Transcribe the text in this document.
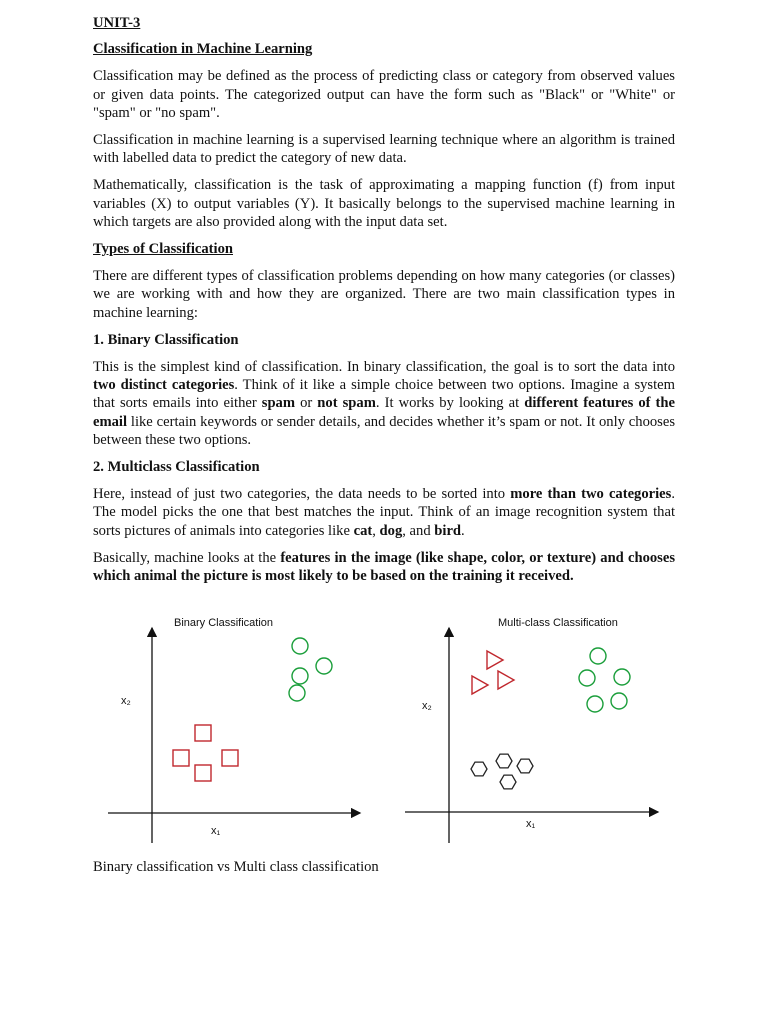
UNIT-3
Classification in Machine Learning

Classification may be defined as the process of predicting class or category from observed values or given data points. The categorized output can have the form such as "Black" or "White" or "spam" or "no spam".

Classification in machine learning is a supervised learning technique where an algorithm is trained with labelled data to predict the category of new data.

Mathematically, classification is the task of approximating a mapping function (f) from input variables (X) to output variables (Y). It basically belongs to the supervised machine learning in which targets are also provided along with the input data set.

Types of Classification

There are different types of classification problems depending on how many categories (or classes) we are working with and how they are organized. There are two main classification types in machine learning:

1. Binary Classification

This is the simplest kind of classification. In binary classification, the goal is to sort the data into two distinct categories. Think of it like a simple choice between two options. Imagine a system that sorts emails into either spam or not spam. It works by looking at different features of the email like certain keywords or sender details, and decides whether it’s spam or not. It only chooses between these two options.

2. Multiclass Classification

Here, instead of just two categories, the data needs to be sorted into more than two categories. The model picks the one that best matches the input. Think of an image recognition system that sorts pictures of animals into categories like cat, dog, and bird.

Basically, machine looks at the features in the image (like shape, color, or texture) and chooses which animal the picture is most likely to be based on the training it received.

Binary Classification
x₂
x₁
Multi-class Classification
x₂
x₁
Binary classification vs Multi class classification
